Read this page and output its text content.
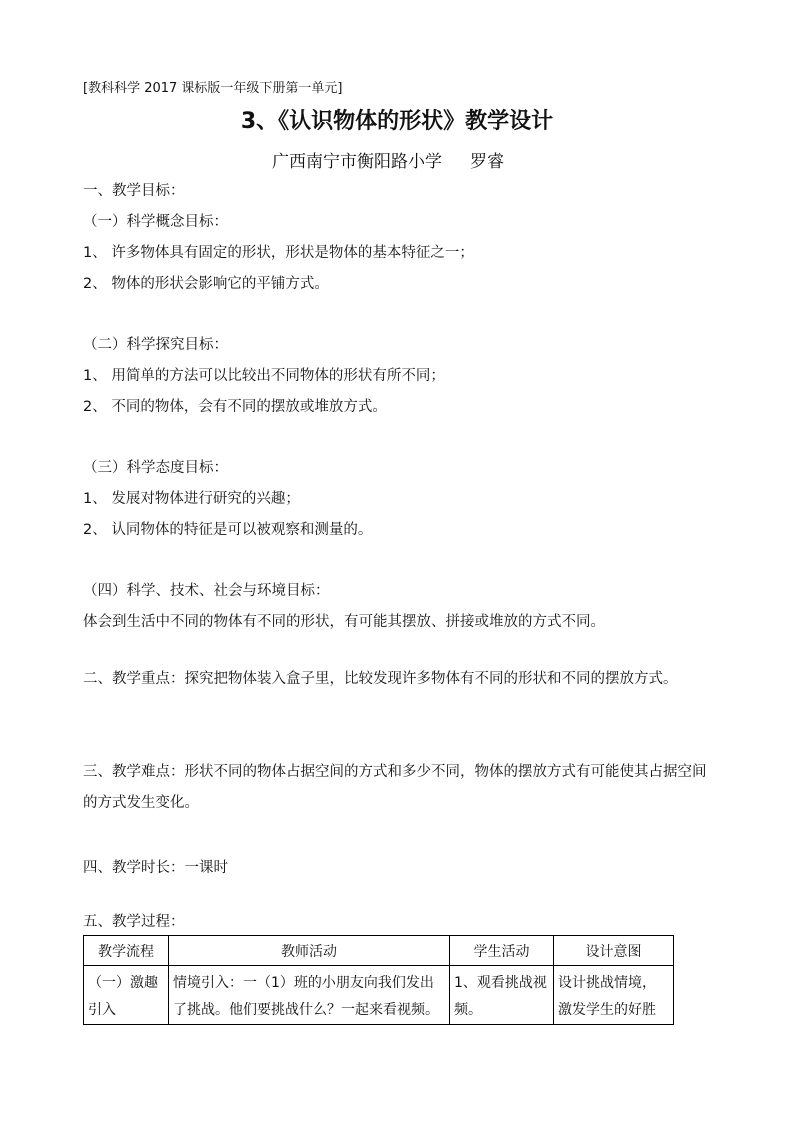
[教科科学 2017 课标版一年级下册第一单元]
3、《认识物体的形状》教学设计
广西南宁市衡阳路小学 罗睿
一、教学目标：
（一）科学概念目标：
1、 许多物体具有固定的形状，形状是物体的基本特征之一；
2、 物体的形状会影响它的平铺方式。
（二）科学探究目标：
1、 用简单的方法可以比较出不同物体的形状有所不同；
2、 不同的物体，会有不同的摆放或堆放方式。
（三）科学态度目标：
1、 发展对物体进行研究的兴趣；
2、 认同物体的特征是可以被观察和测量的。
（四）科学、技术、社会与环境目标：
体会到生活中不同的物体有不同的形状，有可能其摆放、拼接或堆放的方式不同。
二、教学重点：探究把物体装入盒子里，比较发现许多物体有不同的形状和不同的摆放方式。
三、教学难点：形状不同的物体占据空间的方式和多少不同，物体的摆放方式有可能使其占据空间的方式发生变化。
四、教学时长：一课时
五、教学过程：
教学流程	教师活动	学生活动	设计意图
（一）激趣引入	情境引入：一（1）班的小朋友向我们发出了挑战。他们要挑战什么？一起来看视频。	1、观看挑战视频。	设计挑战情境，激发学生的好胜
